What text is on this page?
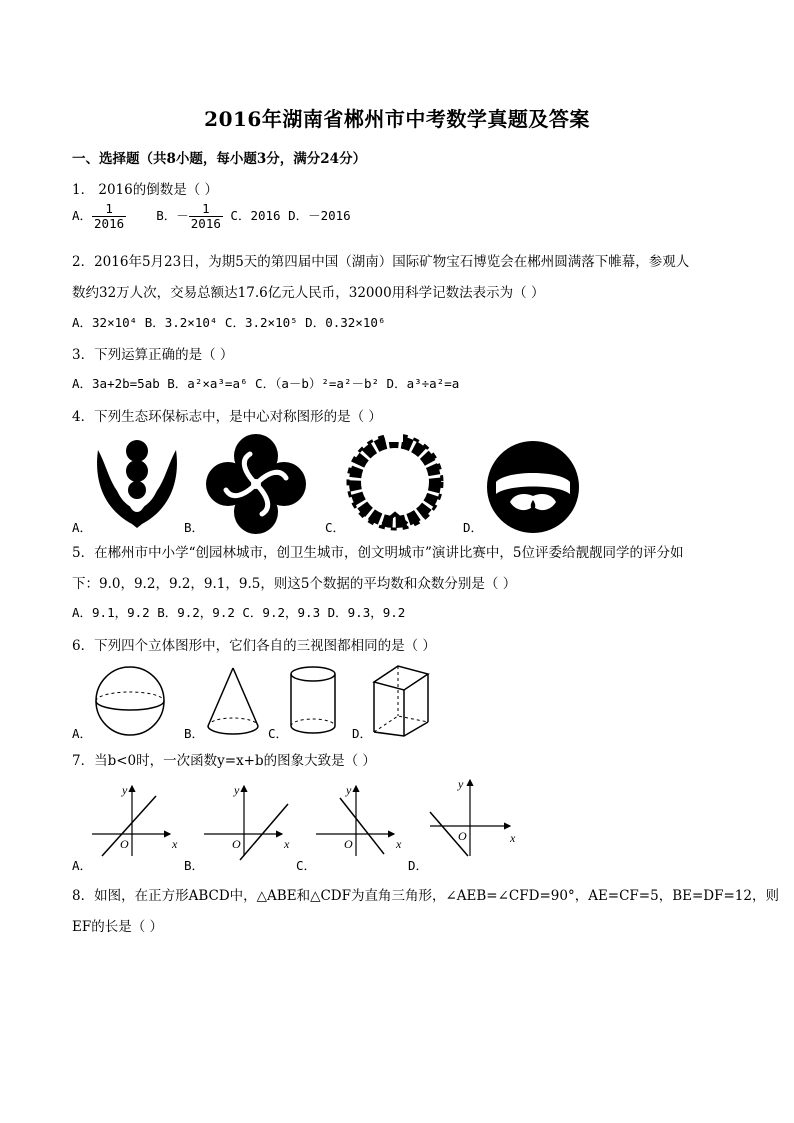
2016年湖南省郴州市中考数学真题及答案
一、选择题（共8小题，每小题3分，满分24分）
1． 2016的倒数是（ ）
A． $\frac{1}{2016}$ B．－ $\frac{1}{2016}$ C．2016 D．－2016
2．2016年5月23日，为期5天的第四届中国（湖南）国际矿物宝石博览会在郴州圆满落下帷幕，参观人
数约32万人次，交易总额达17.6亿元人民币，32000用科学记数法表示为（ ）
A．32×10⁴ B．3.2×10⁴ C．3.2×10⁵ D．0.32×10⁶
3．下列运算正确的是（ ）
A．3a+2b=5ab B．a²×a³=a⁶ C．（a－b）²=a²－b² D．a³÷a²=a
4．下列生态环保标志中，是中心对称图形的是（ ）
A．	B．	C．	D．
5．在郴州市中小学“创园林城市，创卫生城市，创文明城市”演讲比赛中，5位评委给靓靓同学的评分如
下：9.0，9.2，9.2，9.1，9.5，则这5个数据的平均数和众数分别是（ ）
A．9.1，9.2 B．9.2，9.2 C．9.2，9.3 D．9.3，9.2
6．下列四个立体图形中，它们各自的三视图都相同的是（ ）
A．	B．	C．	D．
7．当b<0时，一次函数y=x+b的图象大致是（ ）
A．	B．	C．	D．
x
y
O	x
y
O	x
y
O	x
y
O
8．如图，在正方形ABCD中，△ABE和△CDF为直角三角形，∠AEB=∠CFD=90°，AE=CF=5，BE=DF=12，则
EF的长是（ ）
